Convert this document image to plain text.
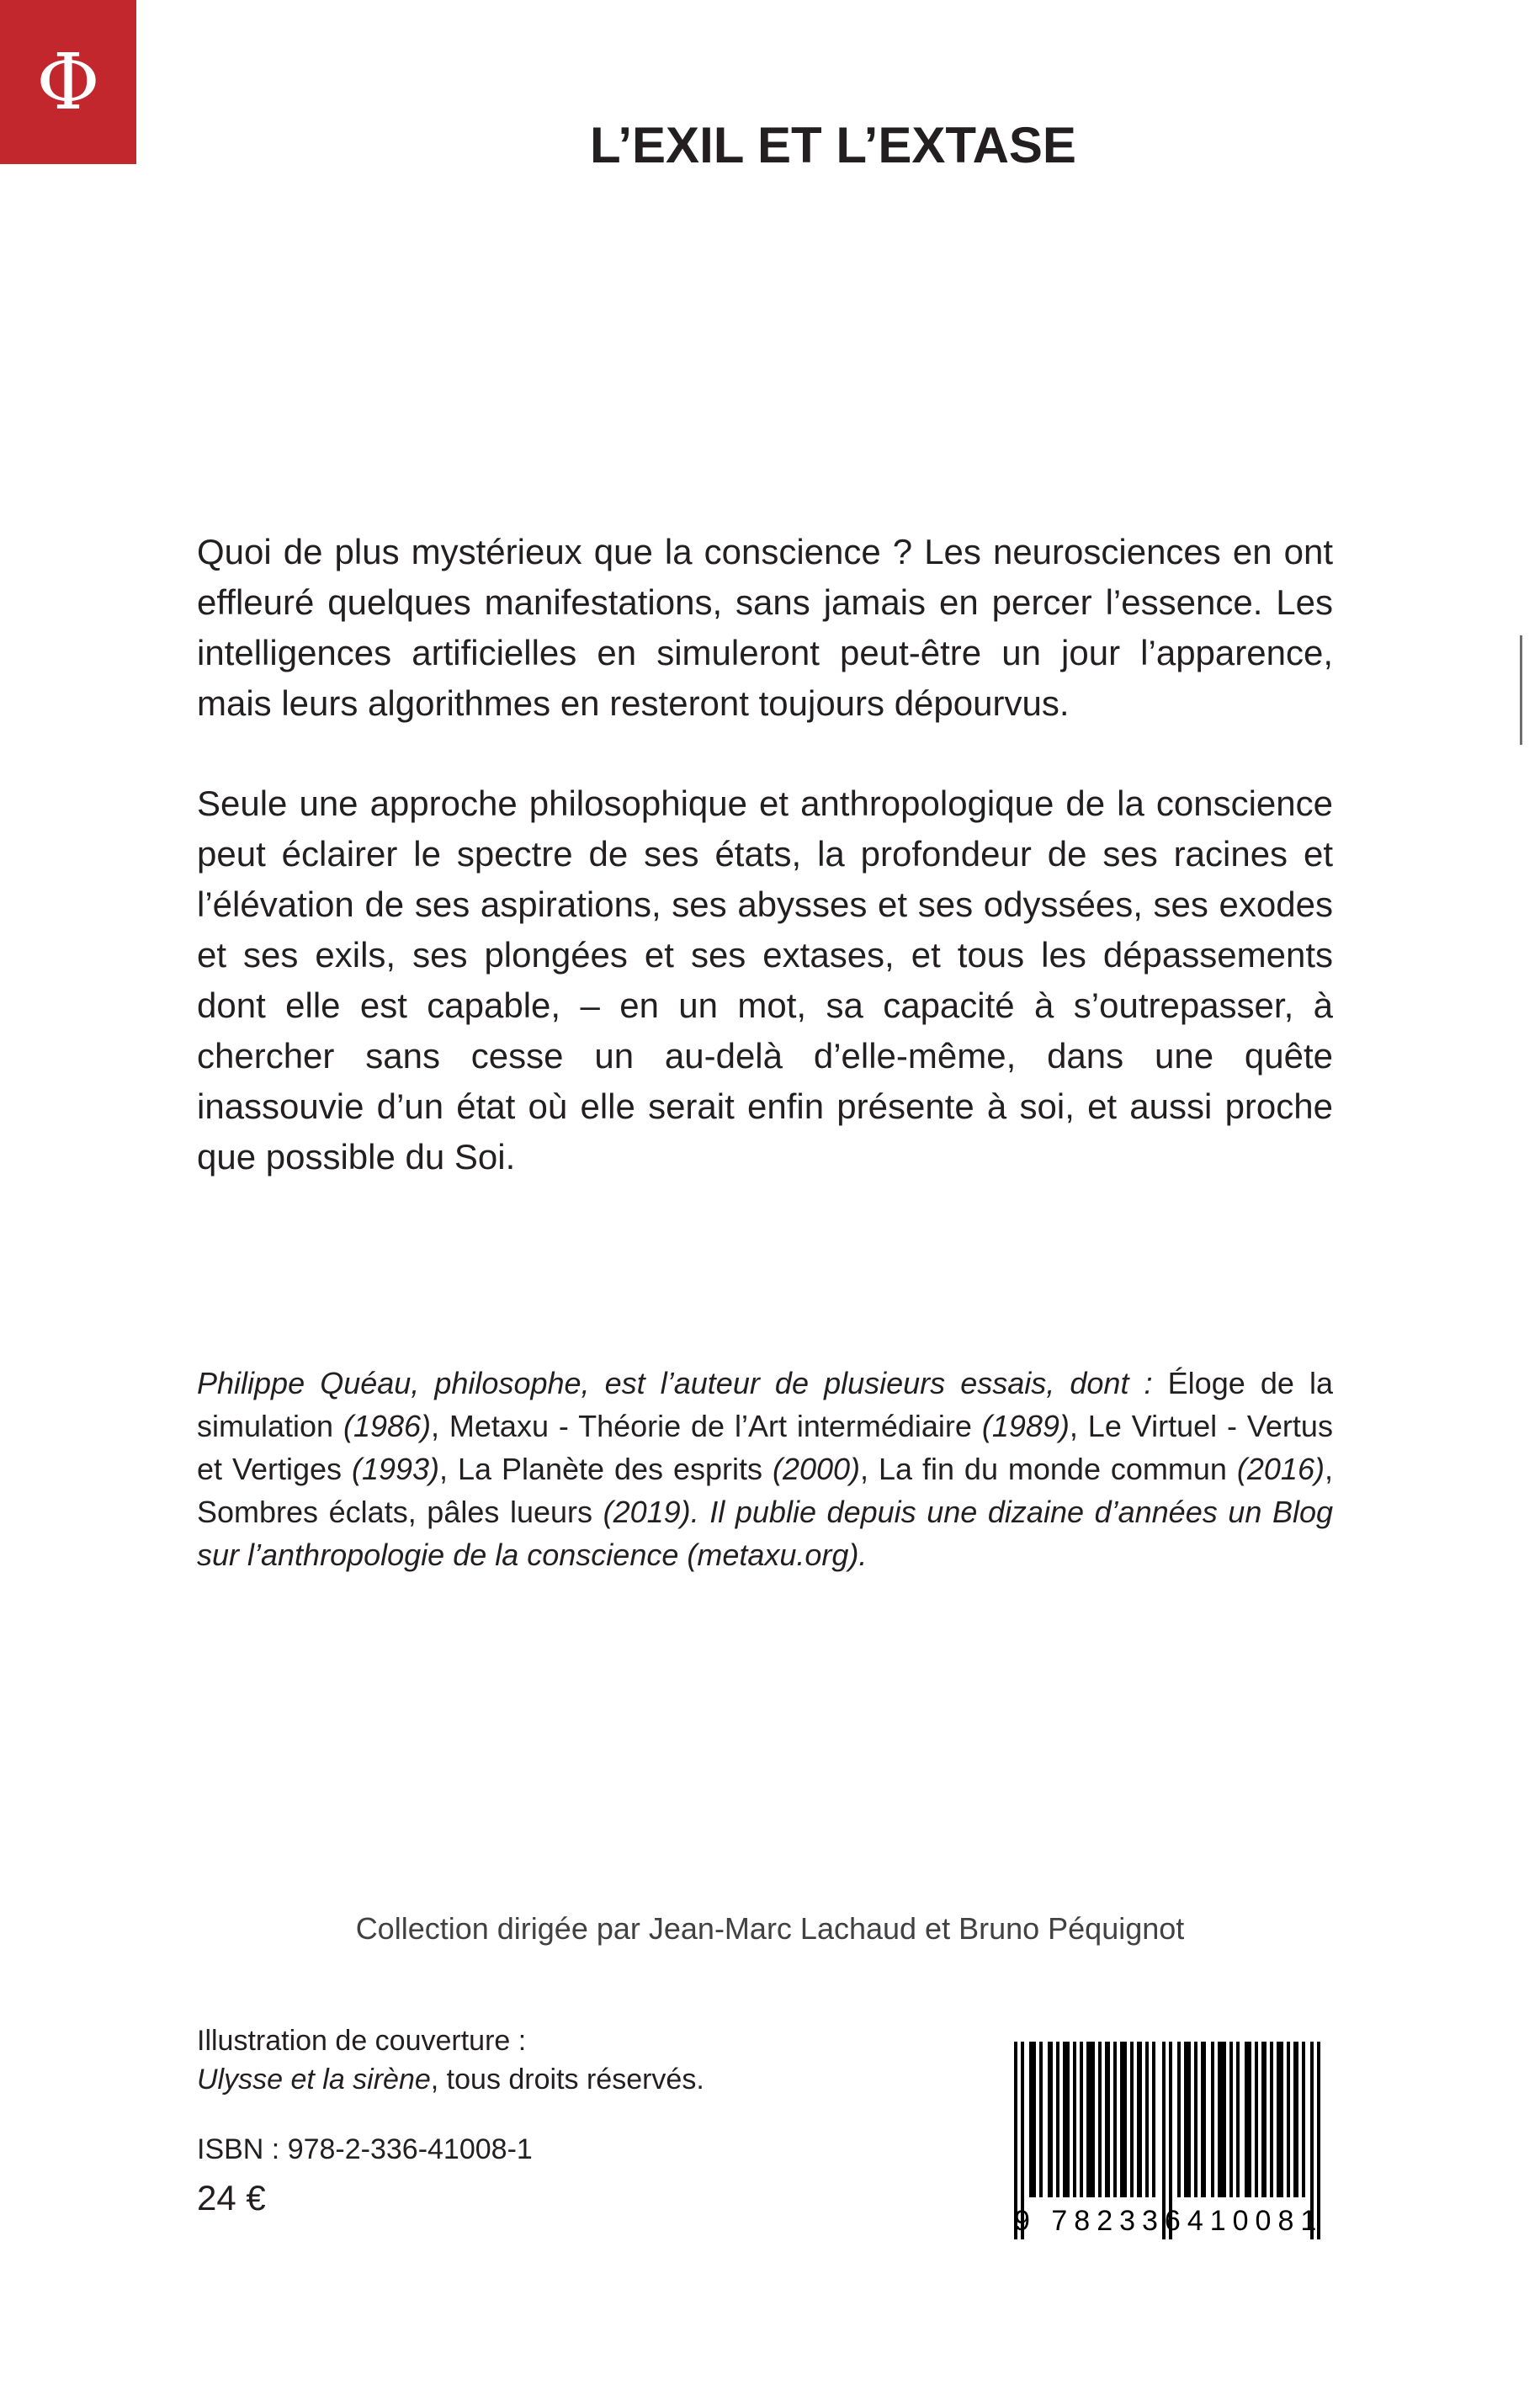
Φ
L’EXIL ET L’EXTASE

Quoi de plus mystérieux que la conscience ? Les neurosciences en ont effleuré quelques manifestations, sans jamais en percer l’essence. Les intelligences artificielles en simuleront peut-être un jour l’apparence, mais leurs algorithmes en resteront toujours dépourvus.

Seule une approche philosophique et anthropologique de la conscience peut éclairer le spectre de ses états, la profondeur de ses racines et l’élévation de ses aspirations, ses abysses et ses odyssées, ses exodes et ses exils, ses plongées et ses extases, et tous les dépassements dont elle est capable, – en un mot, sa capacité à s’outrepasser, à chercher sans cesse un au-delà d’elle-même, dans une quête inassouvie d’un état où elle serait enfin présente à soi, et aussi proche que possible du Soi.

Philippe Quéau, philosophe, est l’auteur de plusieurs essais, dont : Éloge de la simulation (1986), Metaxu - Théorie de l’Art intermédiaire (1989), Le Virtuel - Vertus et Vertiges (1993), La Planète des esprits (2000), La fin du monde commun (2016), Sombres éclats, pâles lueurs (2019). Il publie depuis une dizaine d’années un Blog sur l’anthropologie de la conscience (metaxu.org).

Collection dirigée par Jean-Marc Lachaud et Bruno Péquignot
Illustration de couverture :
Ulysse et la sirène, tous droits réservés.
ISBN : 978-2-336-41008-1
24 €
9 782336410081
